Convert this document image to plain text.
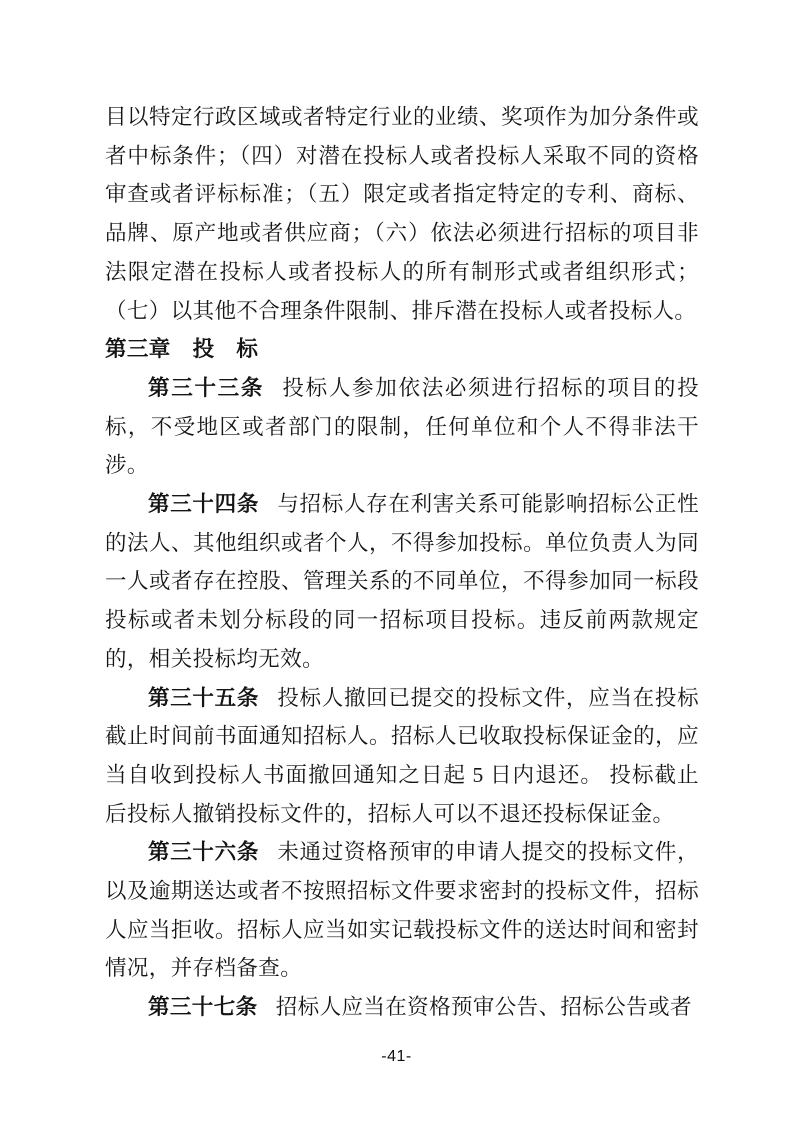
目以特定行政区域或者特定行业的业绩、奖项作为加分条件或者中标条件；（四）对潜在投标人或者投标人采取不同的资格审查或者评标标准；（五）限定或者指定特定的专利、商标、品牌、原产地或者供应商；（六）依法必须进行招标的项目非法限定潜在投标人或者投标人的所有制形式或者组织形式；（七）以其他不合理条件限制、排斥潜在投标人或者投标人。

第三章　投　标

第三十三条 投标人参加依法必须进行招标的项目的投标，不受地区或者部门的限制，任何单位和个人不得非法干涉。

第三十四条 与招标人存在利害关系可能影响招标公正性的法人、其他组织或者个人，不得参加投标。单位负责人为同一人或者存在控股、管理关系的不同单位，不得参加同一标段投标或者未划分标段的同一招标项目投标。违反前两款规定的，相关投标均无效。

第三十五条 投标人撤回已提交的投标文件，应当在投标截止时间前书面通知招标人。招标人已收取投标保证金的，应当自收到投标人书面撤回通知之日起 5 日内退还。 投标截止后投标人撤销投标文件的，招标人可以不退还投标保证金。

第三十六条 未通过资格预审的申请人提交的投标文件，以及逾期送达或者不按照招标文件要求密封的投标文件，招标人应当拒收。招标人应当如实记载投标文件的送达时间和密封情况，并存档备查。

第三十七条 招标人应当在资格预审公告、招标公告或者

-41-
